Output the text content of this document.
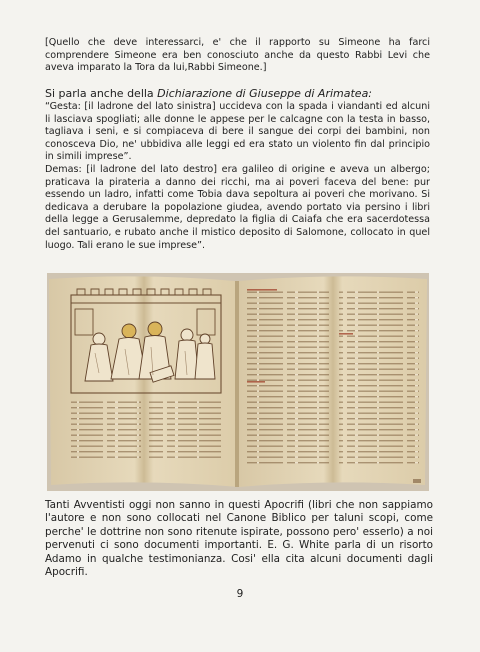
[Quello che deve interessarci, e' che il rapporto su Simeone ha farci comprendere Simeone era ben conosciuto anche da questo Rabbi Levi che aveva imparato la Tora da lui,Rabbi Simeone.]
Si parla anche della Dichiarazione di Giuseppe di Arimatea:
“Gesta: [il ladrone del lato sinistra] uccideva con la spada i viandanti ed alcuni li lasciava spogliati; alle donne le appese per le calcagne con la testa in basso, tagliava i seni, e si compiaceva di bere il sangue dei corpi dei bambini, non conosceva Dio, ne' ubbidiva alle leggi ed era stato un violento fin dal principio in simili imprese”.
Demas: [il ladrone del lato destro] era galileo di origine e aveva un albergo; praticava la pirateria a danno dei ricchi, ma ai poveri faceva del bene: pur essendo un ladro, infatti come Tobia dava sepoltura ai poveri che morivano. Si dedicava a derubare la popolazione giudea, avendo portato via persino i libri della legge a Gerusalemme, depredato la figlia di Caiafa che era sacerdotessa del santuario, e rubato anche il mistico deposito di Salomone, collocato in quel luogo. Tali erano le sue imprese”.
Tanti Avventisti oggi non sanno in questi Apocrifi (libri che non sappiamo l'autore e non sono collocati nel Canone Biblico per taluni scopi, come perche' le dottrine non sono ritenute ispirate, possono pero' esserlo) a noi pervenuti ci sono documenti importanti. E. G. White parla di un risorto Adamo in qualche testimonianza. Cosi' ella cita alcuni documenti dagli Apocrifi.
9
